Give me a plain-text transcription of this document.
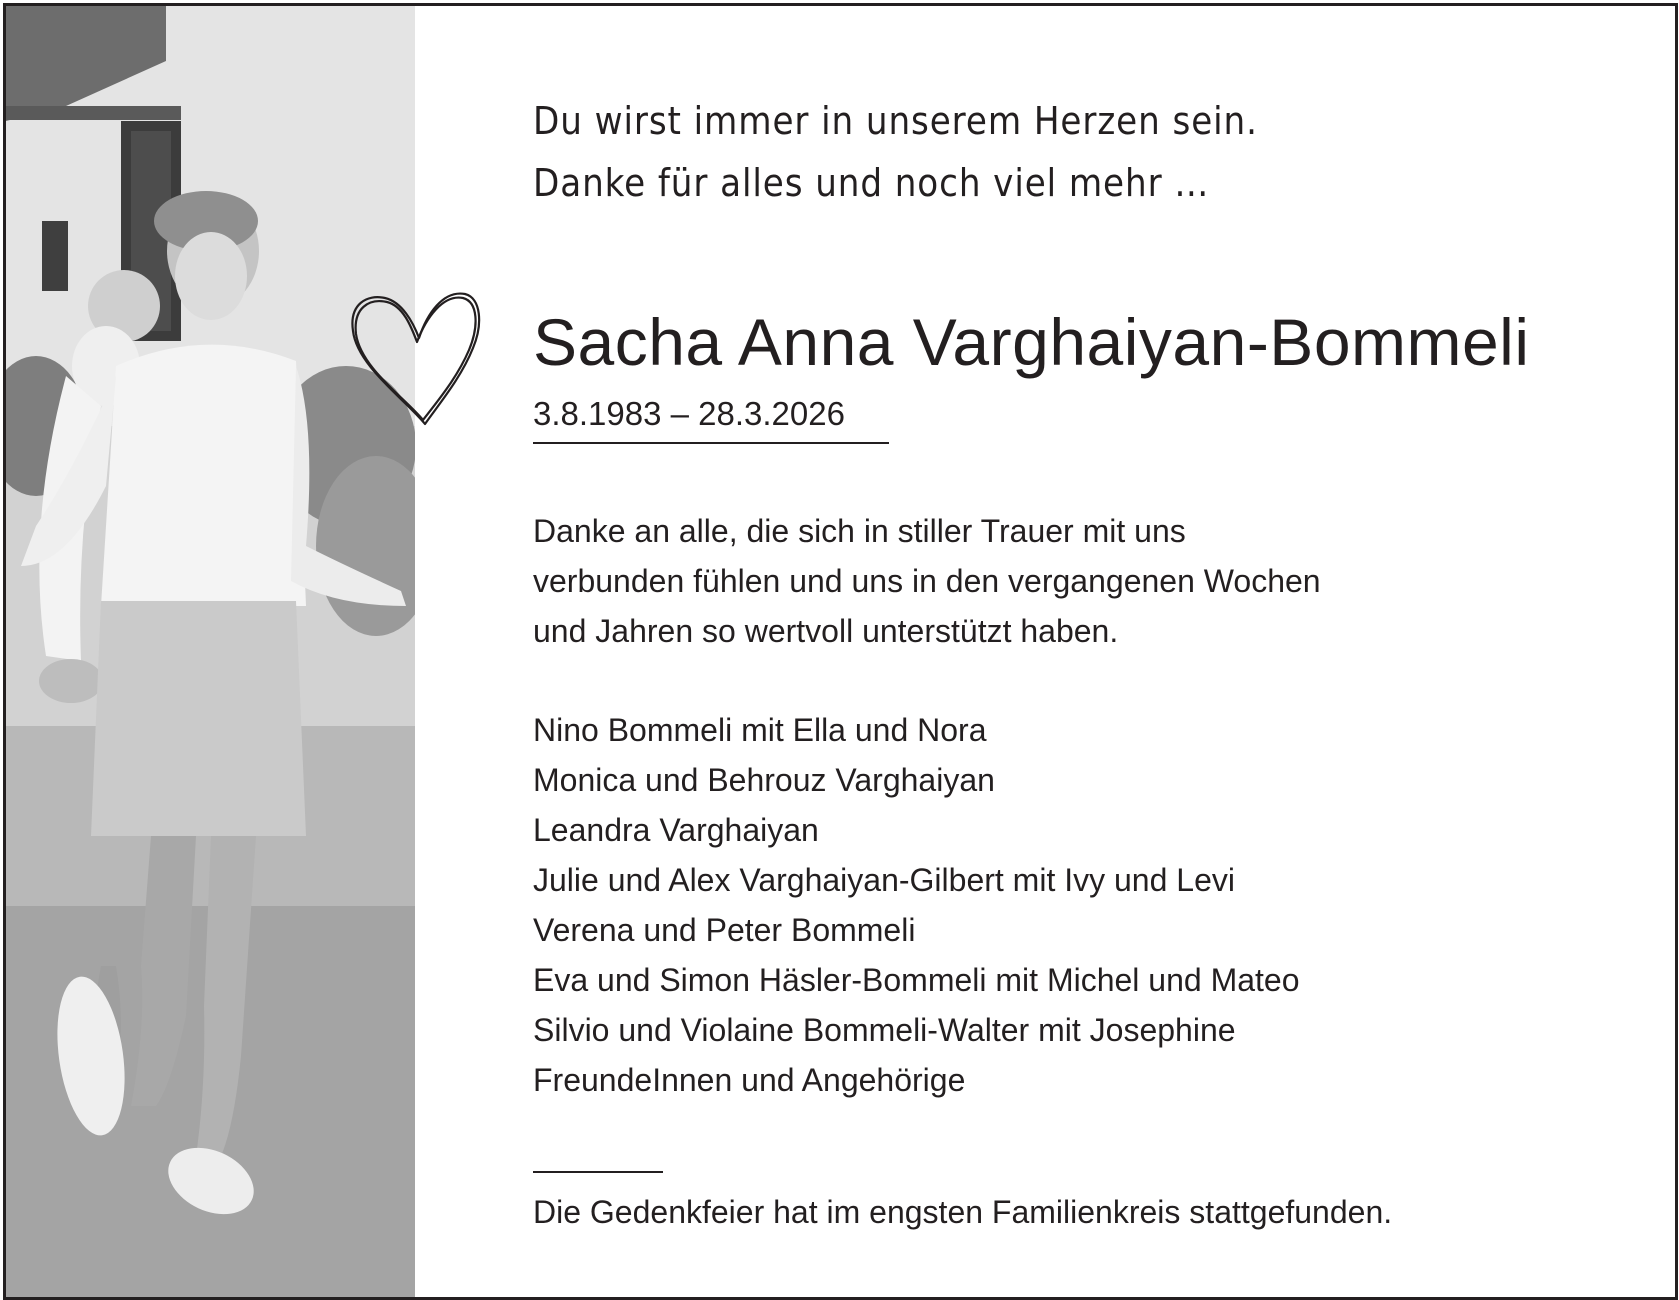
Du wirst immer in unserem Herzen sein.
Danke für alles und noch viel mehr …
Sacha Anna Varghaiyan-Bommeli
3.8.1983 – 28.3.2026
Danke an alle, die sich in stiller Trauer mit uns
verbunden fühlen und uns in den vergangenen Wochen
und Jahren so wertvoll unterstützt haben.
Nino Bommeli mit Ella und Nora
Monica und Behrouz Varghaiyan
Leandra Varghaiyan
Julie und Alex Varghaiyan-Gilbert mit Ivy und Levi
Verena und Peter Bommeli
Eva und Simon Häsler-Bommeli mit Michel und Mateo
Silvio und Violaine Bommeli-Walter mit Josephine
FreundeInnen und Angehörige
Die Gedenkfeier hat im engsten Familienkreis stattgefunden.
